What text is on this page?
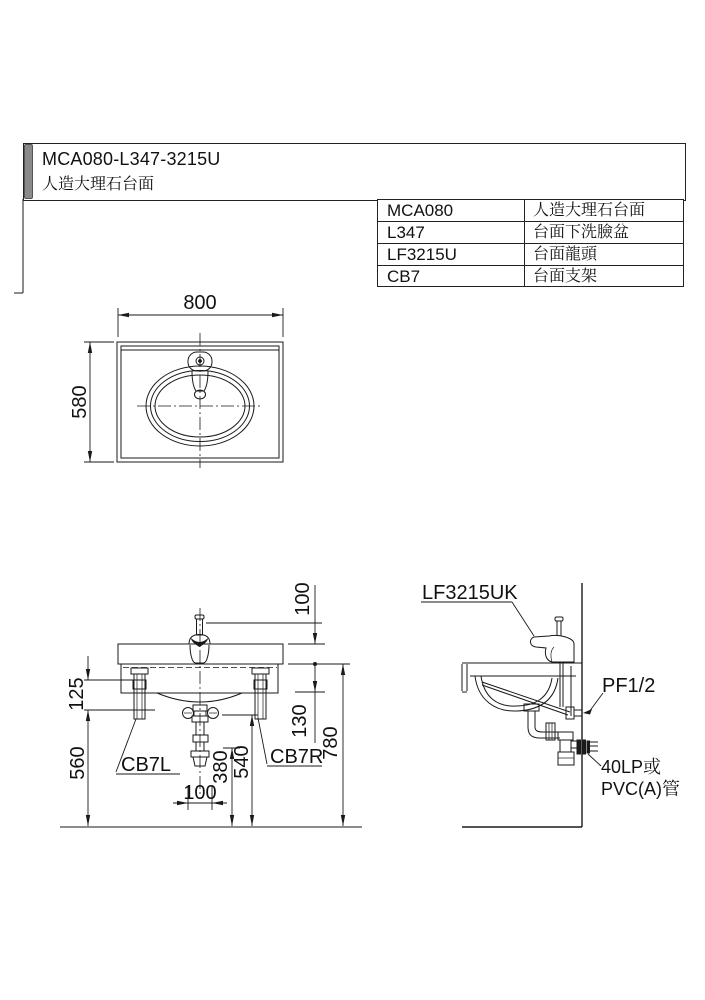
800
580
100
130
780
125
560	380 540
100
CB7L	CB7R
LF3215UK
PF1/2
40LP或
PVC(A)管
MCA080-L347-3215U
人造大理石台面
MCA080	人造大理石台面
L347	台面下洗臉盆
LF3215U	台面龍頭
CB7	台面支架
